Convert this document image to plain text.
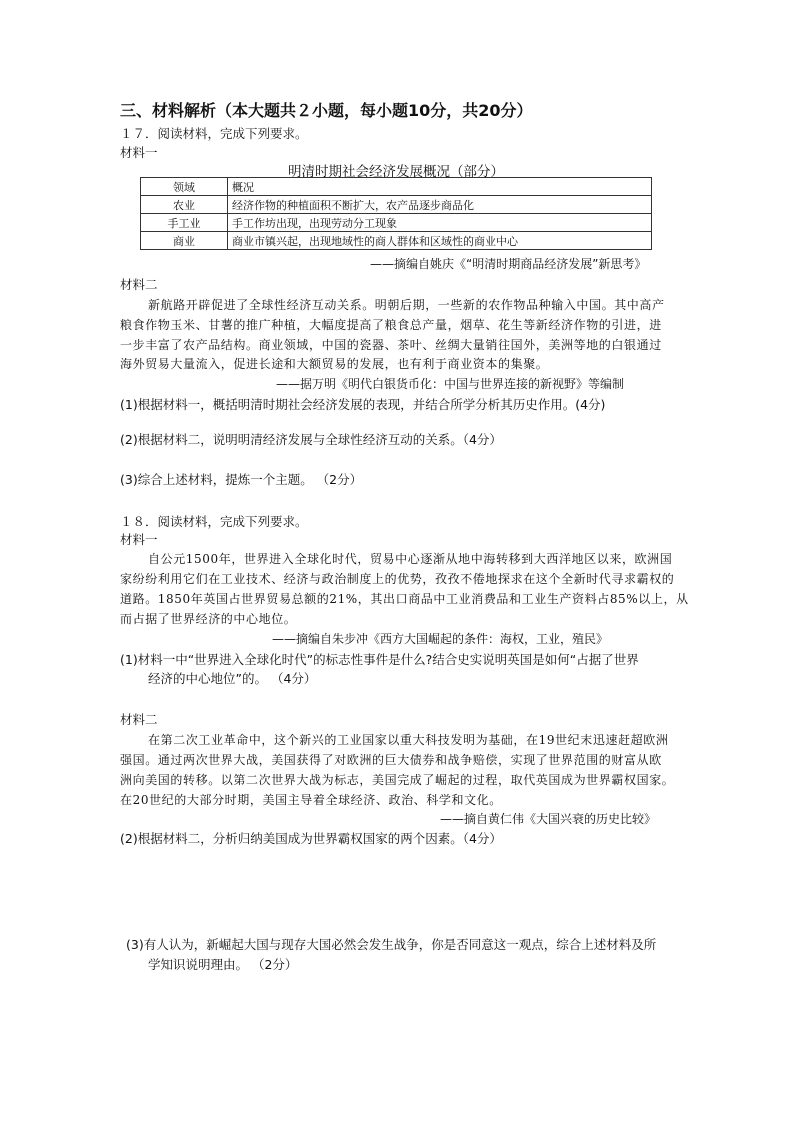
三、材料解析（本大题共２小题，每小题10分，共20分）
１７．阅读材料，完成下列要求。
材料一
明清时期社会经济发展概况（部分）
领域	概况
农业	经济作物的种植面积不断扩大，农产品逐步商品化
手工业	手工作坊出现，出现劳动分工现象
商业	商业市镇兴起，出现地域性的商人群体和区域性的商业中心
——摘编自姚庆《“明清时期商品经济发展”新思考》
材料二
新航路开辟促进了全球性经济互动关系。明朝后期，一些新的农作物品种输入中国。其中高产
粮食作物玉米、甘薯的推广种植，大幅度提高了粮食总产量，烟草、花生等新经济作物的引进，进
一步丰富了农产品结构。商业领域，中国的瓷器、茶叶、丝绸大量销往国外，美洲等地的白银通过
海外贸易大量流入，促进长途和大额贸易的发展，也有利于商业资本的集聚。
——据万明《明代白银货币化：中国与世界连接的新视野》等编制
(1)根据材料一，概括明清时期社会经济发展的表现，并结合所学分析其历史作用。(4分)
(2)根据材料二，说明明清经济发展与全球性经济互动的关系。（4分）
(3)综合上述材料，提炼一个主题。 （2分）
１８．阅读材料，完成下列要求。
材料一
自公元1500年，世界进入全球化时代，贸易中心逐渐从地中海转移到大西洋地区以来，欧洲国
家纷纷利用它们在工业技术、经济与政治制度上的优势，孜孜不倦地探求在这个全新时代寻求霸权的
道路。1850年英国占世界贸易总额的21%，其出口商品中工业消费品和工业生产资料占85%以上，从
而占据了世界经济的中心地位。
——摘编自朱步冲《西方大国崛起的条件：海权，工业，殖民》
(1)材料一中“世界进入全球化时代”的标志性事件是什么?结合史实说明英国是如何“占据了世界
经济的中心地位”的。 （4分）
材料二
在第二次工业革命中，这个新兴的工业国家以重大科技发明为基础，在19世纪末迅速赶超欧洲
强国。通过两次世界大战，美国获得了对欧洲的巨大债券和战争赔偿，实现了世界范围的财富从欧
洲向美国的转移。以第二次世界大战为标志，美国完成了崛起的过程，取代英国成为世界霸权国家。
在20世纪的大部分时期，美国主导着全球经济、政治、科学和文化。
——摘自黄仁伟《大国兴衰的历史比较》
(2)根据材料二，分析归纳美国成为世界霸权国家的两个因素。（4分）
(3)有人认为，新崛起大国与现存大国必然会发生战争，你是否同意这一观点，综合上述材料及所
学知识说明理由。 （2分）
